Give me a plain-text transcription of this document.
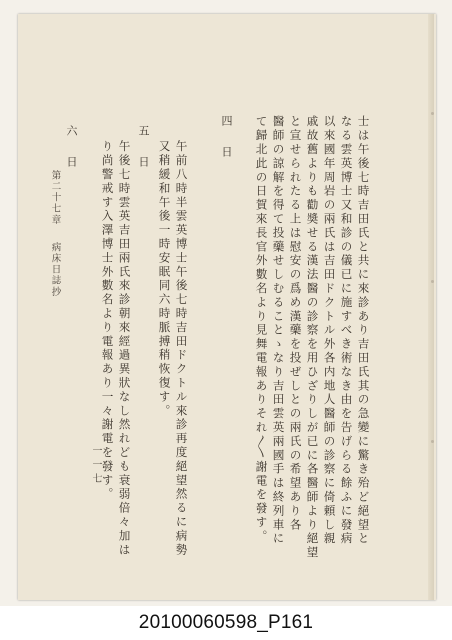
士は午後七時吉田氏と共に來診あり吉田氏其の急變に驚き殆ど絕望と
なる雲英博士又和診の儀已に施すべき術なき由を告げらる餘ふに發病
以來國年周岩の兩氏は吉田ドクトル外各内地人醫師の診察に倚頼し親
戚故舊よりも勸奬せる漢法醫の診察を用ひざりしが已に各醫師より絕望
と宣せられたる上は慰安の爲め漢藥を投ぜしとの兩氏の希望あり各
醫師の諒解を得て投藥せしむることゝなり吉田雲英兩國手は終列車に
て歸北此の日賀來長官外數名より見舞電報ありそれ〳〵謝電を發す。
四日
午前八時半雲英博士午後七時吉田ドクトル來診再度絕望然るに病勢
又稍緩和午後一時安眠同六時脈搏稍恢復す。
五日
午後七時雲英吉田兩氏來診朝來經過異狀なし然れども衰弱倍々加は
り尚警戒す入澤博士外數名より電報あり一々謝電を發す。
六日
第二十七章
病床日誌抄
一一七
20100060598_P161
